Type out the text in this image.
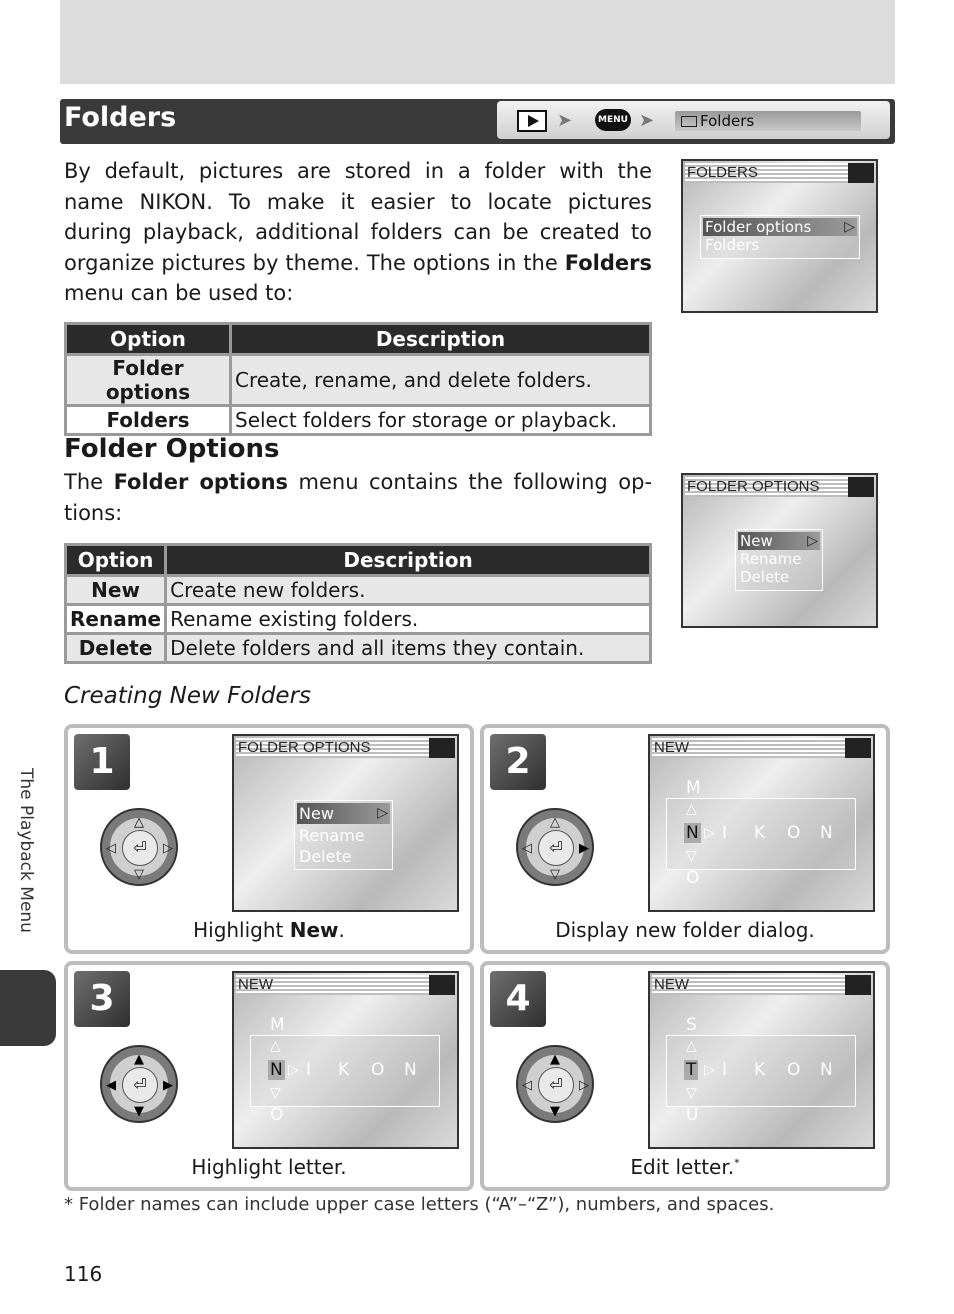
Folders	➤	MENU ➤	Folders

By default, pictures are stored in a folder with the name NIKON. To make it easier to locate pictures during playback, additional folders can be created to organize pictures by theme. The options in the Folders menu can be used to:

Option	Description
Folder options	Create, rename, and delete folders.
Folders	Select folders for storage or playback.
FOLDERS
Folder options ▷
Folders
Folder Options

The Folder options menu contains the following op-tions:

Option	Description
New	Create new folders.
Rename	Rename existing folders.
Delete	Delete folders and all items they contain.
FOLDER OPTIONS
New ▷
Rename
Delete
Creating New Folders
1
⏎
△
▽
◁	▷
FOLDER OPTIONS
New ▷
Rename
Delete
Highlight New.
2
⏎
△
▽
◁	▶
NEW
M
△
N ▷
▽
O
I K O N
Display new folder dialog.
3
⏎
▲
▼
◀	▶
NEW
M
△
N ▷
▽
O
I K O N
Highlight letter.
4
⏎
▲
▼
◁	▷
NEW
S
△
T ▷
▽
U
I K O N
Edit letter.*
The Playback Menu
* Folder names can include upper case letters (“A”–“Z”), numbers, and spaces.
116
